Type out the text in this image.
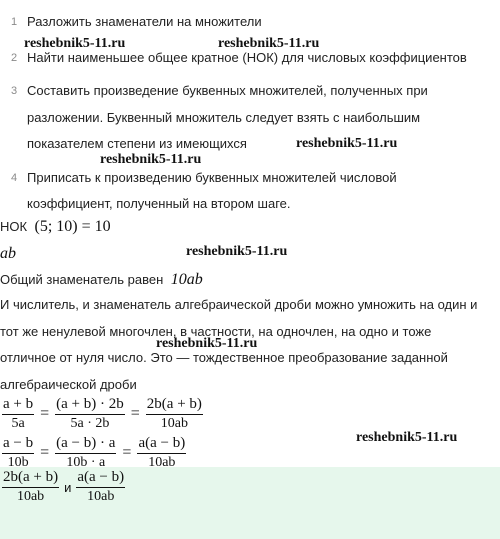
1 Разложить знаменатели на множители
reshebnik5-11.ru	reshebnik5-11.ru
2 Найти наименьшее общее кратное (НОК) для числовых коэффициентов
3 Составить произведение буквенных множителей, полученных при
разложении. Буквенный множитель следует взять с наибольшим
показателем степени из имеющихся	reshebnik5-11.ru
reshebnik5-11.ru
4 Приписать к произведению буквенных множителей числовой
коэффициент, полученный на втором шаге.
НОК (5; 10) = 10
ab	reshebnik5-11.ru
Общий знаменатель равен 10ab
И числитель, и знаменатель алгебраической дроби можно умножить на один и
тот же ненулевой многочлен, в частности, на одночлен, на одно и тоже
reshebnik5-11.ru
отличное от нуля число. Это — тождественное преобразование заданной
алгебраической дроби
$\frac{a + b}{5a} = \frac{(a + b) \cdot 2b}{5a \cdot 2b} = \frac{2b(a + b)}{10ab}$
reshebnik5-11.ru
$\frac{a - b}{10b} = \frac{(a - b) \cdot a}{10b \cdot a} = \frac{a(a - b)}{10ab}$
$\frac{2b(a + b)}{10ab}$ и $\frac{a(a - b)}{10ab}$
